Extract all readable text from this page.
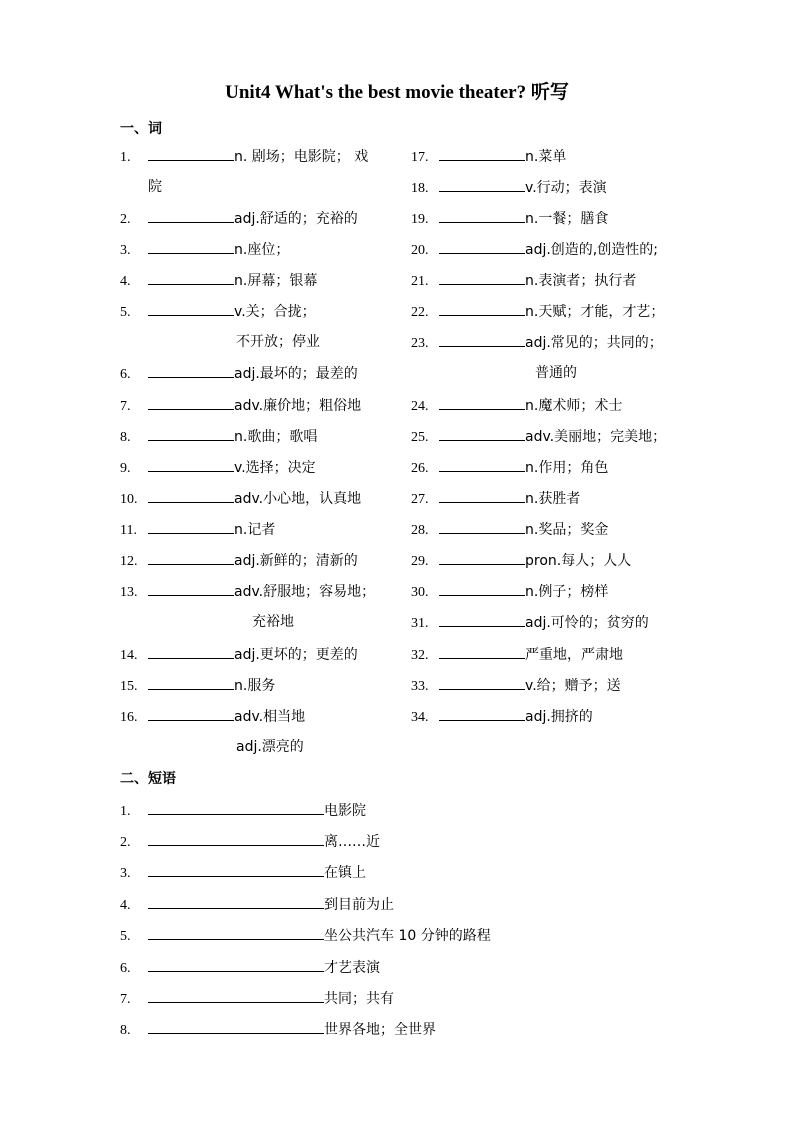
Unit4 What's the best movie theater? 听写
一、词
1.	n. 剧场；电影院； 戏
院
2.	adj.舒适的；充裕的
3.	n.座位；
4.	n.屏幕；银幕
5.	v.关；合拢；
不开放；停业
6.	adj.最坏的；最差的
7.	adv.廉价地；粗俗地
8.	n.歌曲；歌唱
9.	v.选择；决定
10.	adv.小心地，认真地
11.	n.记者
12.	adj.新鲜的；清新的
13.	adv.舒服地；容易地；
充裕地
14.	adj.更坏的；更差的
15.	n.服务
16.	adv.相当地
adj.漂亮的
17.	n.菜单
18.	v.行动；表演
19.	n.一餐；膳食
20.	adj.创造的,创造性的;
21.	n.表演者；执行者
22.	n.天赋；才能，才艺；
23.	adj.常见的；共同的；
普通的
24.	n.魔术师；术士
25.	adv.美丽地；完美地；
26.	n.作用；角色
27.	n.获胜者
28.	n.奖品；奖金
29.	pron.每人；人人
30.	n.例子；榜样
31.	adj.可怜的；贫穷的
32.	严重地，严肃地
33.	v.给；赠予；送
34.	adj.拥挤的
二、短语
1.	电影院
2.	离……近
3.	在镇上
4.	到目前为止
5.	坐公共汽车 10 分钟的路程
6.	才艺表演
7.	共同；共有
8.	世界各地；全世界
